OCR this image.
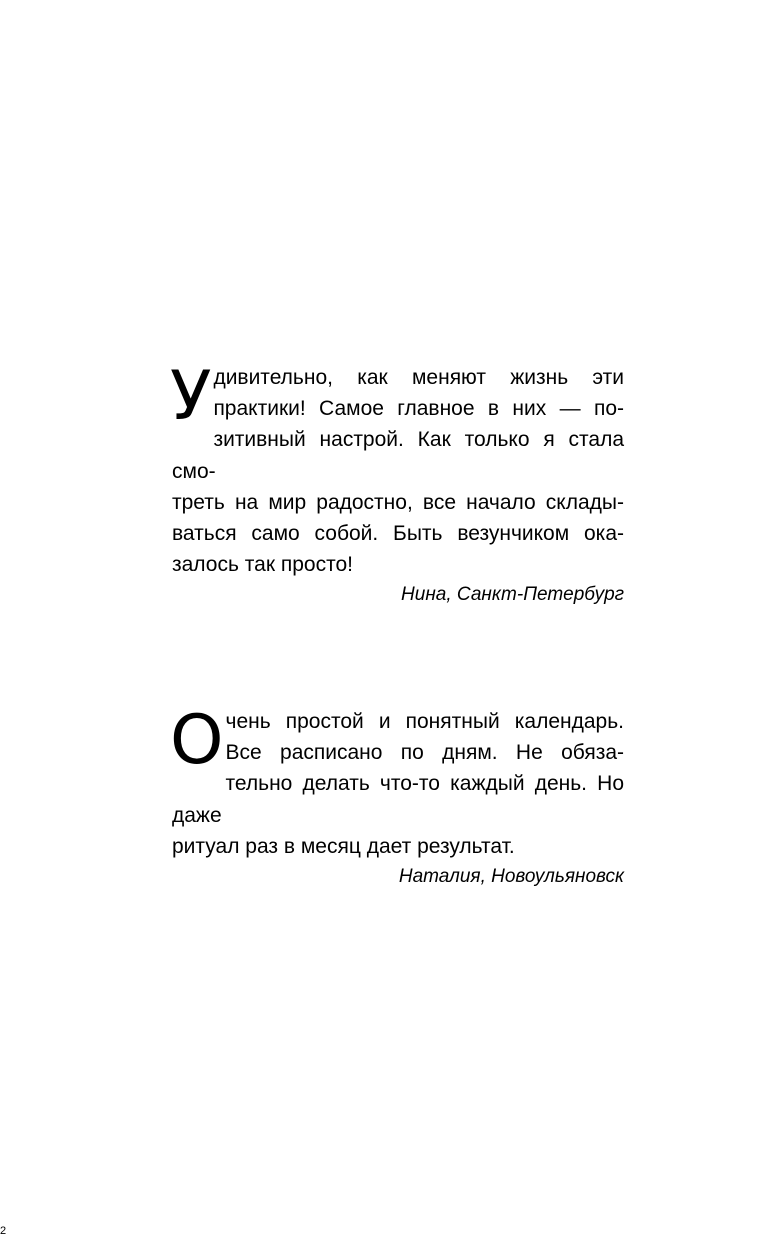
У дивительно, как меняют жизнь эти
практики! Самое главное в них — по-
зитивный настрой. Как только я стала смо-
треть на мир радостно, все начало склады-
ваться само собой. Быть везунчиком ока-
залось так просто!

Нина, Санкт-Петербург

О чень простой и понятный календарь.
Все расписано по дням. Не обяза-
тельно делать что-то каждый день. Но даже
ритуал раз в месяц дает результат.

Наталия, Новоульяновск

2
